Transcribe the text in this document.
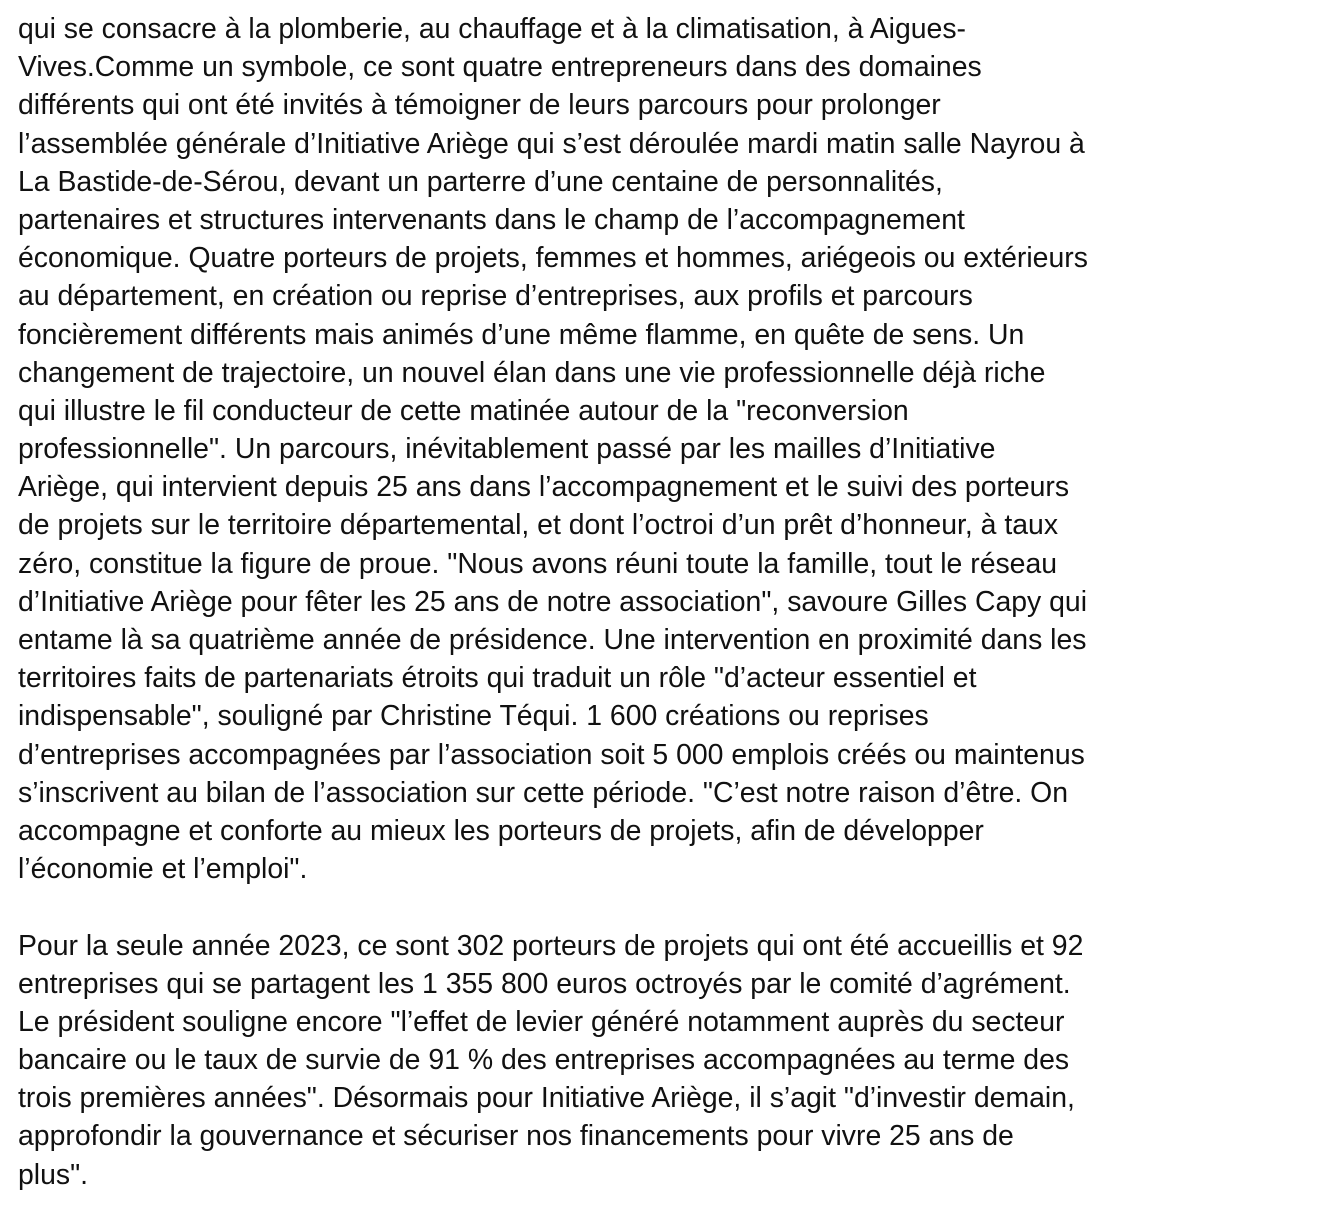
qui se consacre à la plomberie, au chauffage et à la climatisation, à Aigues-

Vives.Comme un symbole, ce sont quatre entrepreneurs dans des domaines

différents qui ont été invités à témoigner de leurs parcours pour prolonger

l’assemblée générale d’Initiative Ariège qui s’est déroulée mardi matin salle Nayrou à

La Bastide-de-Sérou, devant un parterre d’une centaine de personnalités,

partenaires et structures intervenants dans le champ de l’accompagnement

économique. Quatre porteurs de projets, femmes et hommes, ariégeois ou extérieurs

au département, en création ou reprise d’entreprises, aux profils et parcours

foncièrement différents mais animés d’une même flamme, en quête de sens. Un

changement de trajectoire, un nouvel élan dans une vie professionnelle déjà riche

qui illustre le fil conducteur de cette matinée autour de la "reconversion

professionnelle". Un parcours, inévitablement passé par les mailles d’Initiative

Ariège, qui intervient depuis 25 ans dans l’accompagnement et le suivi des porteurs

de projets sur le territoire départemental, et dont l’octroi d’un prêt d’honneur, à taux

zéro, constitue la figure de proue. "Nous avons réuni toute la famille, tout le réseau

d’Initiative Ariège pour fêter les 25 ans de notre association", savoure Gilles Capy qui

entame là sa quatrième année de présidence. Une intervention en proximité dans les

territoires faits de partenariats étroits qui traduit un rôle "d’acteur essentiel et

indispensable", souligné par Christine Téqui. 1 600 créations ou reprises

d’entreprises accompagnées par l’association soit 5 000 emplois créés ou maintenus

s’inscrivent au bilan de l’association sur cette période. "C’est notre raison d’être. On

accompagne et conforte au mieux les porteurs de projets, afin de développer

l’économie et l’emploi".

Pour la seule année 2023, ce sont 302 porteurs de projets qui ont été accueillis et 92

entreprises qui se partagent les 1 355 800 euros octroyés par le comité d’agrément.

Le président souligne encore "l’effet de levier généré notamment auprès du secteur

bancaire ou le taux de survie de 91 % des entreprises accompagnées au terme des

trois premières années". Désormais pour Initiative Ariège, il s’agit "d’investir demain,

approfondir la gouvernance et sécuriser nos financements pour vivre 25 ans de

plus".
